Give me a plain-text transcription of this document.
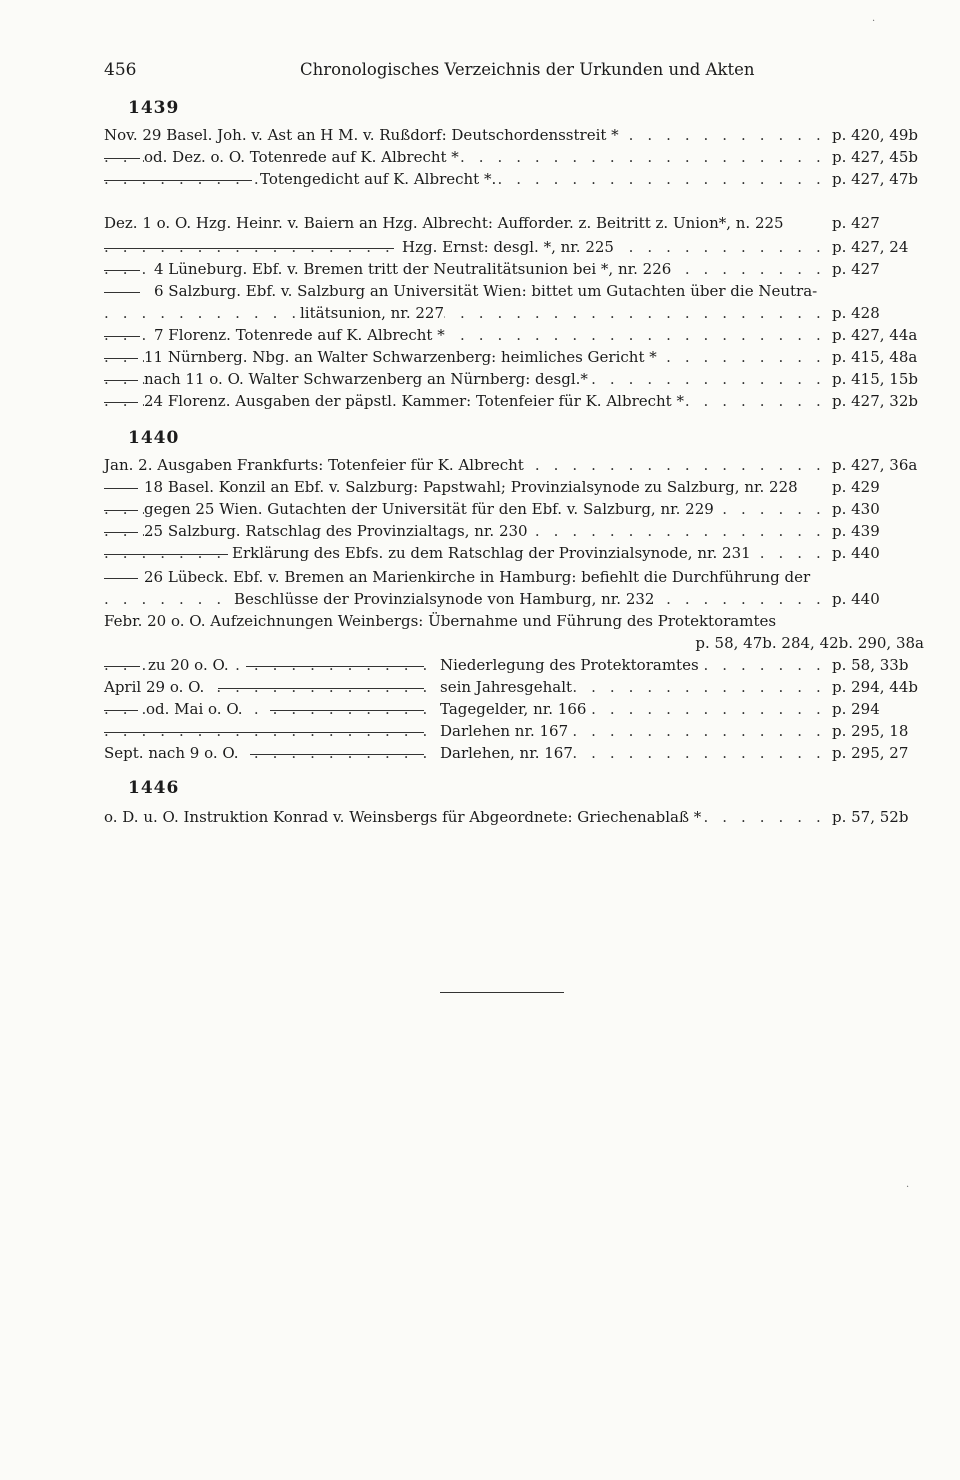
456	Chronologisches Verzeichnis der Urkunden und Akten
1439
. . .
Nov. 29 Basel. Joh. v. Ast an H M. v. Rußdorf: Deutschordensstreit *	p. 420, 49b
. . .
od. Dez. o. O. Totenrede auf K. Albrecht *	p. 427, 45b
. . .
Totengedicht auf K. Albrecht *.	p. 427, 47b
Dez. 1 o. O. Hzg. Heinr. v. Baiern an Hzg. Albrecht: Aufforder. z. Beitritt z. Union*, n. 225	p. 427
. . .
Hzg. Ernst: desgl. *, nr. 225	p. 427, 24
. . .
4 Lüneburg. Ebf. v. Bremen tritt der Neutralitätsunion bei *, nr. 226	p. 427
6 Salzburg. Ebf. v. Salzburg an Universität Wien: bittet um Gutachten über die Neutra-
. . .
litätsunion, nr. 227	p. 428
. . .
7 Florenz. Totenrede auf K. Albrecht *	p. 427, 44a
. . .
11 Nürnberg. Nbg. an Walter Schwarzenberg: heimliches Gericht *	p. 415, 48a
. . .
nach 11 o. O. Walter Schwarzenberg an Nürnberg: desgl.*	p. 415, 15b
. . .
24 Florenz. Ausgaben der päpstl. Kammer: Totenfeier für K. Albrecht *	p. 427, 32b
1440
. . .
Jan. 2. Ausgaben Frankfurts: Totenfeier für K. Albrecht	p. 427, 36a
18 Basel. Konzil an Ebf. v. Salzburg: Papstwahl; Provinzialsynode zu Salzburg, nr. 228 p. 429
. . .
gegen 25 Wien. Gutachten der Universität für den Ebf. v. Salzburg, nr. 229	p. 430
. . .
25 Salzburg. Ratschlag des Provinzialtags, nr. 230	p. 439
. . .
Erklärung des Ebfs. zu dem Ratschlag der Provinzialsynode, nr. 231	p. 440
26 Lübeck. Ebf. v. Bremen an Marienkirche in Hamburg: befiehlt die Durchführung der
. . .
Beschlüsse der Provinzialsynode von Hamburg, nr. 232	p. 440
Febr. 20 o. O. Aufzeichnungen Weinbergs: Übernahme und Führung des Protektoramtes
p. 58, 47b. 284, 42b. 290, 38a
. . .
zu 20 o. O.	Niederlegung des Protektoramtes	p. 58, 33b
. . .
April 29 o. O.	sein Jahresgehalt	p. 294, 44b
. . .
od. Mai o. O.	Tagegelder, nr. 166	p. 294
. . .
Darlehen nr. 167	p. 295, 18
. . .
Sept. nach 9 o. O.	Darlehen, nr. 167	p. 295, 27
1446
. . .
o. D. u. O. Instruktion Konrad v. Weinsbergs für Abgeordnete: Griechenablaß *	p. 57, 52b
·
·
